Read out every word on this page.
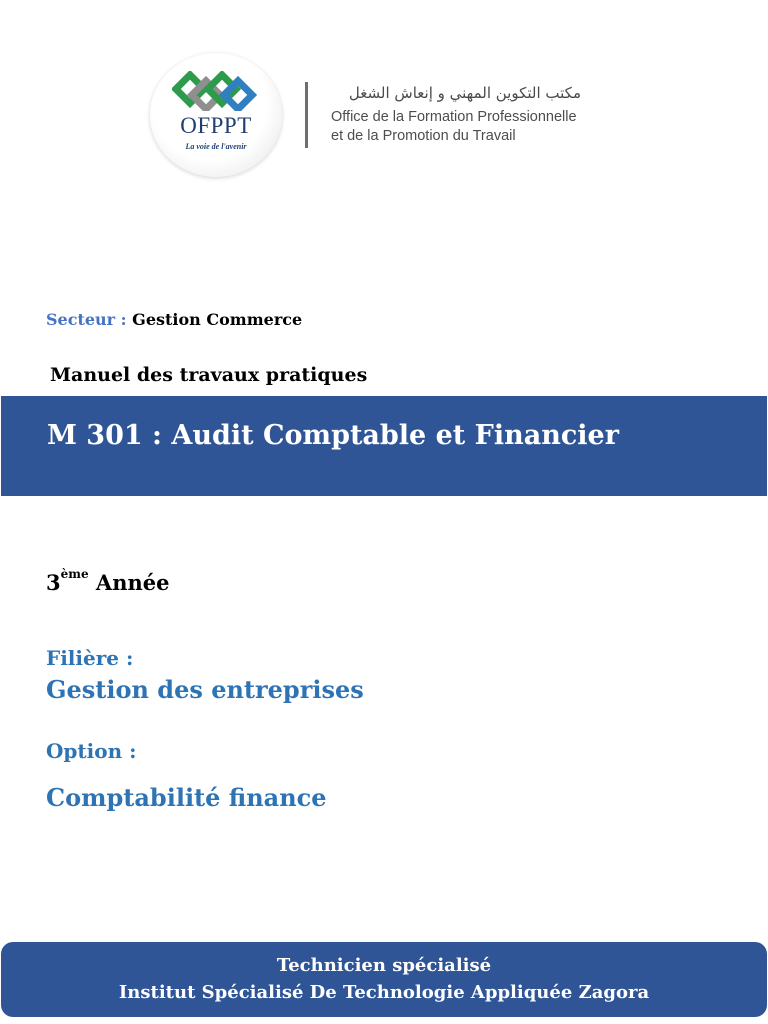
OFPPT
La voie de l'avenir
مكتب التكوين المهني و إنعاش الشغل
Office de la Formation Professionnelle
et de la Promotion du Travail
Secteur : Gestion Commerce
Manuel des travaux pratiques
M 301 : Audit Comptable et Financier
3ème Année
Filière :
Gestion des entreprises
Option :
Comptabilité finance
Technicien spécialisé
Institut Spécialisé De Technologie Appliquée Zagora
